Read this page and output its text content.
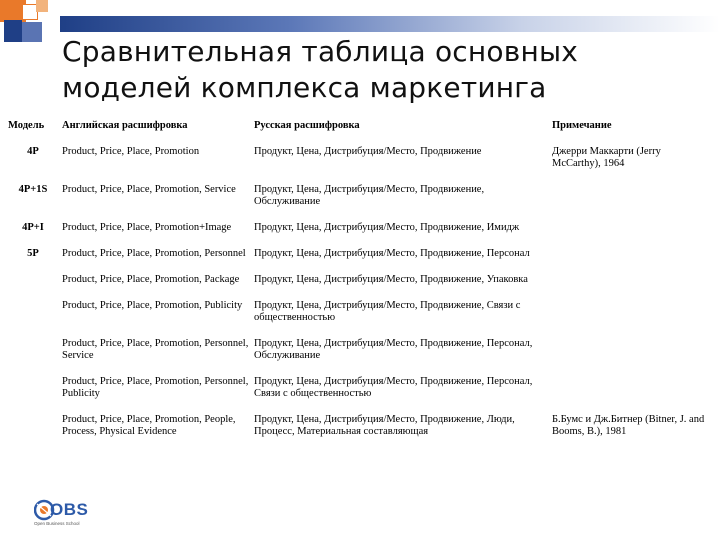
Сравнительная таблица основных моделей комплекса маркетинга
Модель	Английская расшифровка	Русская расшифровка	Примечание
4P	Product, Price, Place, Promotion	Продукт, Цена, Дистрибуция/Место, Продвижение	Джерри Маккарти (Jerry McCarthy), 1964
4P+1S	Product, Price, Place, Promotion, Service	Продукт, Цена, Дистрибуция/Место, Продвижение, Обслуживание	
4P+I	Product, Price, Place, Promotion+Image	Продукт, Цена, Дистрибуция/Место, Продвижение, Имидж	
5P	Product, Price, Place, Promotion, Personnel	Продукт, Цена, Дистрибуция/Место, Продвижение, Персонал	
	Product, Price, Place, Promotion, Package	Продукт, Цена, Дистрибуция/Место, Продвижение, Упаковка	
	Product, Price, Place, Promotion, Publicity	Продукт, Цена, Дистрибуция/Место, Продвижение, Связи с общественностью	
	Product, Price, Place, Promotion, Personnel, Service	Продукт, Цена, Дистрибуция/Место, Продвижение, Персонал, Обслуживание	
	Product, Price, Place, Promotion, Personnel, Publicity	Продукт, Цена, Дистрибуция/Место, Продвижение, Персонал, Связи с общественностью	
	Product, Price, Place, Promotion, People, Process, Physical Evidence	Продукт, Цена, Дистрибуция/Место, Продвижение, Люди, Процесс, Материальная составляющая	Б.Бумс и Дж.Битнер (Bitner, J. and Booms, B.), 1981
OBS
Open Business School
